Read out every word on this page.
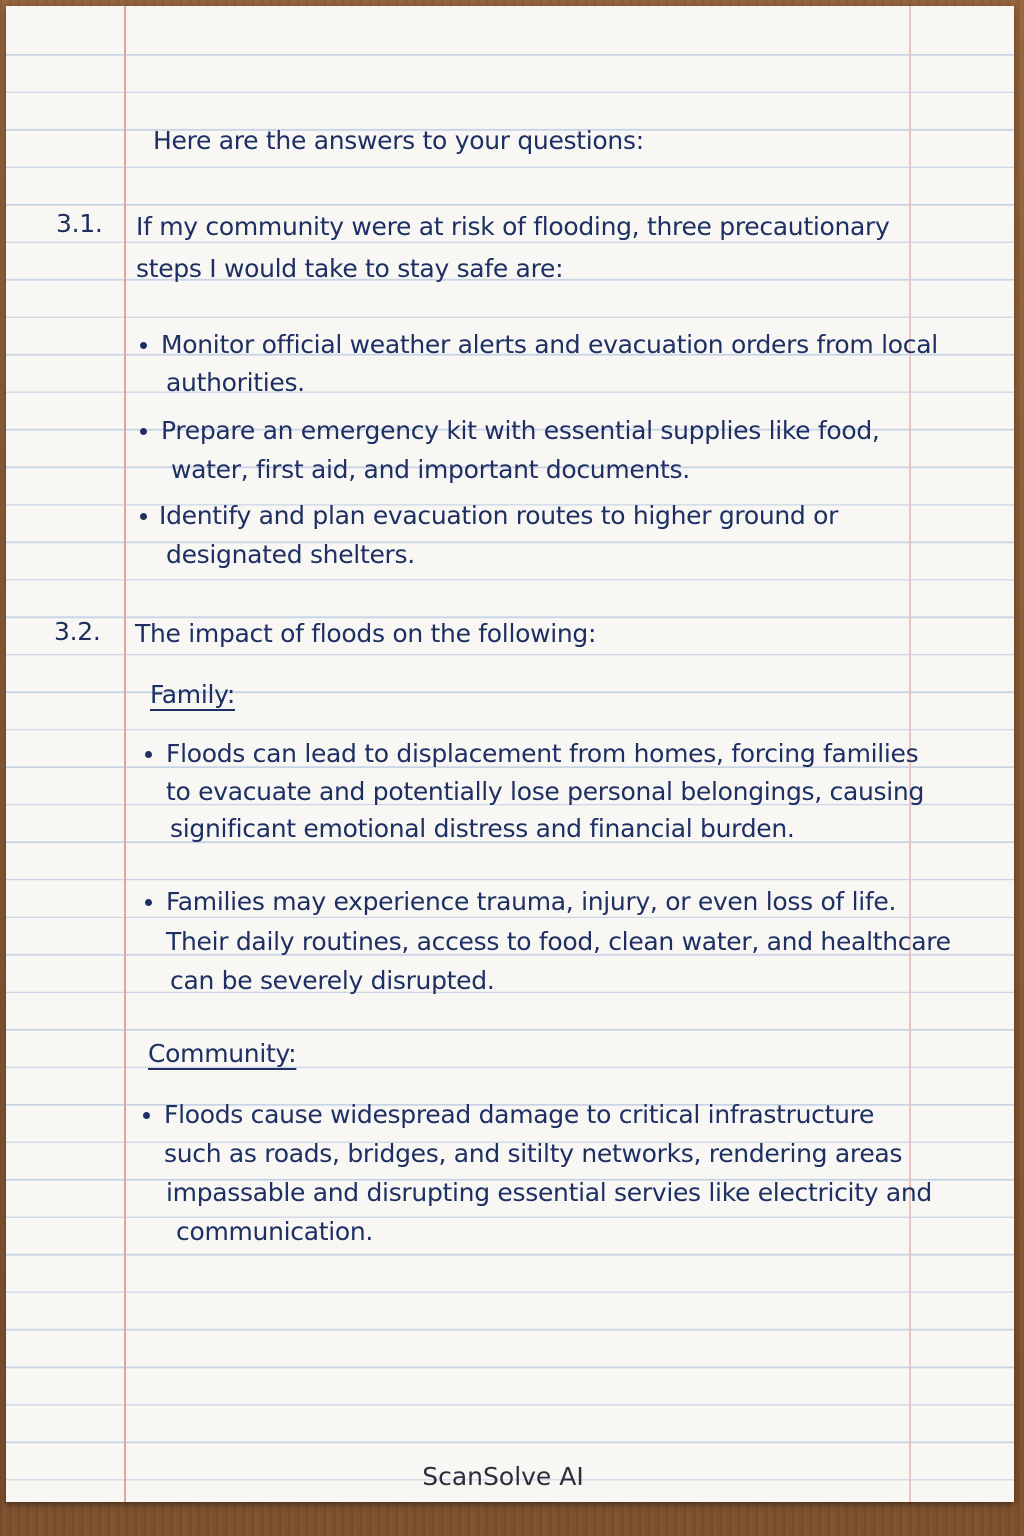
Here are the answers to your questions:

3.1. If my community were at risk of flooding, three precautionary

steps I would take to stay safe are:

Monitor official weather alerts and evacuation orders from local

authorities.

Prepare an emergency kit with essential supplies like food,

water, first aid, and important documents.

Identify and plan evacuation routes to higher ground or

designated shelters.

3.2. The impact of floods on the following:

Family:

Floods can lead to displacement from homes, forcing families

to evacuate and potentially lose personal belongings, causing

significant emotional distress and financial burden.

Families may experience trauma, injury, or even loss of life.

Their daily routines, access to food, clean water, and healthcare

can be severely disrupted.

Community:

Floods cause widespread damage to critical infrastructure

such as roads, bridges, and sitilty networks, rendering areas

impassable and disrupting essential servies like electricity and

communication.

ScanSolve AI
